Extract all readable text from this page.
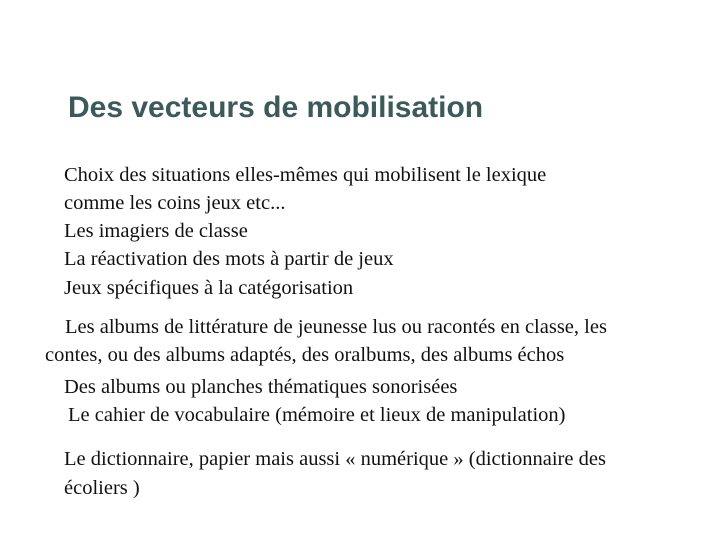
Des vecteurs de mobilisation
Choix des situations elles-mêmes qui mobilisent le lexique
comme les coins jeux etc...
Les imagiers de classe
La réactivation des mots à partir de jeux
Jeux spécifiques à la catégorisation
Les albums de littérature de jeunesse lus ou racontés en classe, les
contes, ou des albums adaptés, des oralbums, des albums échos
Des albums ou planches thématiques sonorisées
Le cahier de vocabulaire (mémoire et lieux de manipulation)
Le dictionnaire, papier mais aussi « numérique » (dictionnaire des
écoliers )
